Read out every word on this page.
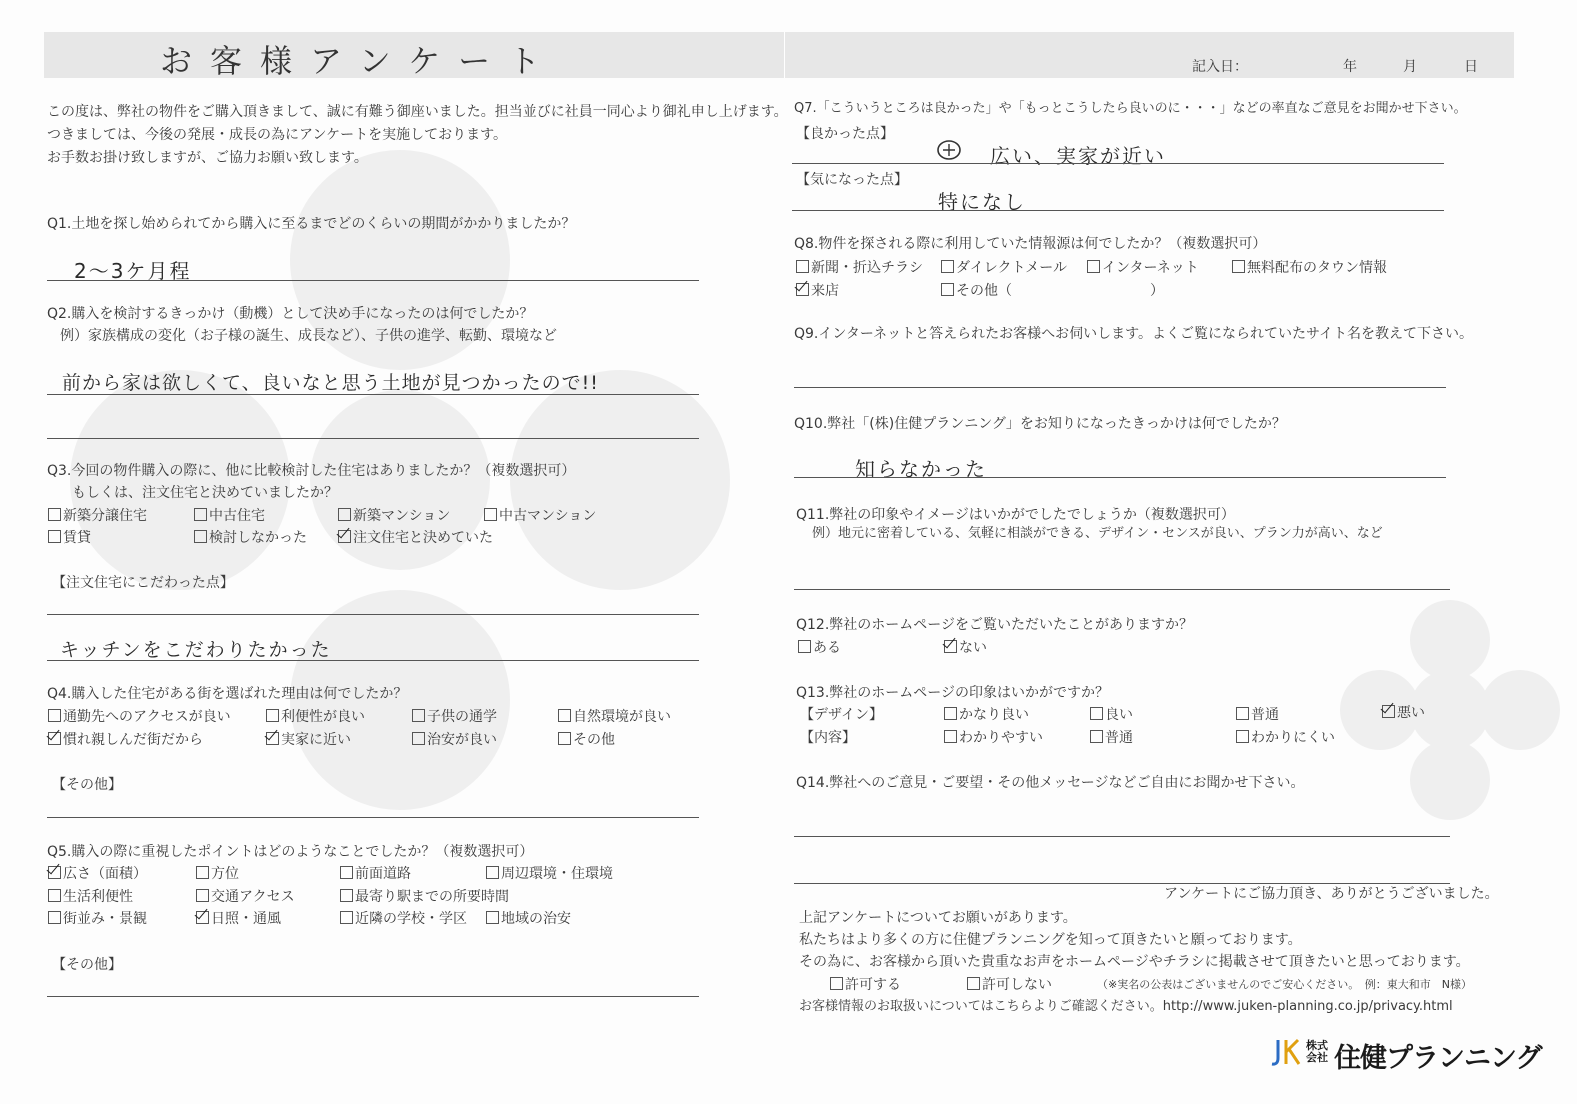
お客様アンケート	記入日：	年	月	日
この度は、弊社の物件をご購入頂きまして、誠に有難う御座いました。担当並びに社員一同心より御礼申し上げます。
つきましては、今後の発展・成長の為にアンケートを実施しております。
お手数お掛け致しますが、ご協力お願い致します。
Q1.土地を探し始められてから購入に至るまでどのくらいの期間がかかりましたか？
2～3ケ月程
Q2.購入を検討するきっかけ（動機）として決め手になったのは何でしたか？
例）家族構成の変化（お子様の誕生、成長など）、子供の進学、転勤、環境など
前から家は欲しくて、良いなと思う土地が見つかったので!!
Q3.今回の物件購入の際に、他に比較検討した住宅はありましたか？（複数選択可）
もしくは、注文住宅と決めていましたか？
新築分譲住宅	中古住宅	新築マンション	中古マンション
賃貸	検討しなかった	注文住宅と決めていた
【注文住宅にこだわった点】
キッチンをこだわりたかった
Q4.購入した住宅がある街を選ばれた理由は何でしたか？
通勤先へのアクセスが良い	利便性が良い	子供の通学	自然環境が良い
慣れ親しんだ街だから	実家に近い	治安が良い	その他
【その他】
Q5.購入の際に重視したポイントはどのようなことでしたか？（複数選択可）
広さ（面積）	方位	前面道路	周辺環境・住環境
生活利便性	交通アクセス	最寄り駅までの所要時間
街並み・景観	日照・通風	近隣の学校・学区	地域の治安
【その他】
Q7.「こういうところは良かった」や「もっとこうしたら良いのに・・・」などの率直なご意見をお聞かせ下さい。
【良かった点】
広い、実家が近い
【気になった点】
特になし
Q8.物件を探される際に利用していた情報源は何でしたか？（複数選択可）
新聞・折込チラシ	ダイレクトメール	インターネット	無料配布のタウン情報
来店	その他（	）
Q9.インターネットと答えられたお客様へお伺いします。よくご覧になられていたサイト名を教えて下さい。
Q10.弊社「(株)住健プランニング」をお知りになったきっかけは何でしたか？
知らなかった
Q11.弊社の印象やイメージはいかがでしたでしょうか（複数選択可）
例）地元に密着している、気軽に相談ができる、デザイン・センスが良い、プラン力が高い、など
Q12.弊社のホームページをご覧いただいたことがありますか？
ある	ない
Q13.弊社のホームページの印象はいかがですか？
【デザイン】	かなり良い	良い	普通	悪い
【内容】	わかりやすい	普通	わかりにくい
Q14.弊社へのご意見・ご要望・その他メッセージなどご自由にお聞かせ下さい。
アンケートにご協力頂き、ありがとうございました。
上記アンケートについてお願いがあります。
私たちはより多くの方に住健プランニングを知って頂きたいと願っております。
その為に、お客様から頂いた貴重なお声をホームページやチラシに掲載させて頂きたいと思っております。
許可する	許可しない	（※実名の公表はございませんのでご安心ください。　例：東大和市　N様）
お客様情報のお取扱いについてはこちらよりご確認ください。http://www.juken-planning.co.jp/privacy.html
株式会社 住健プランニング
